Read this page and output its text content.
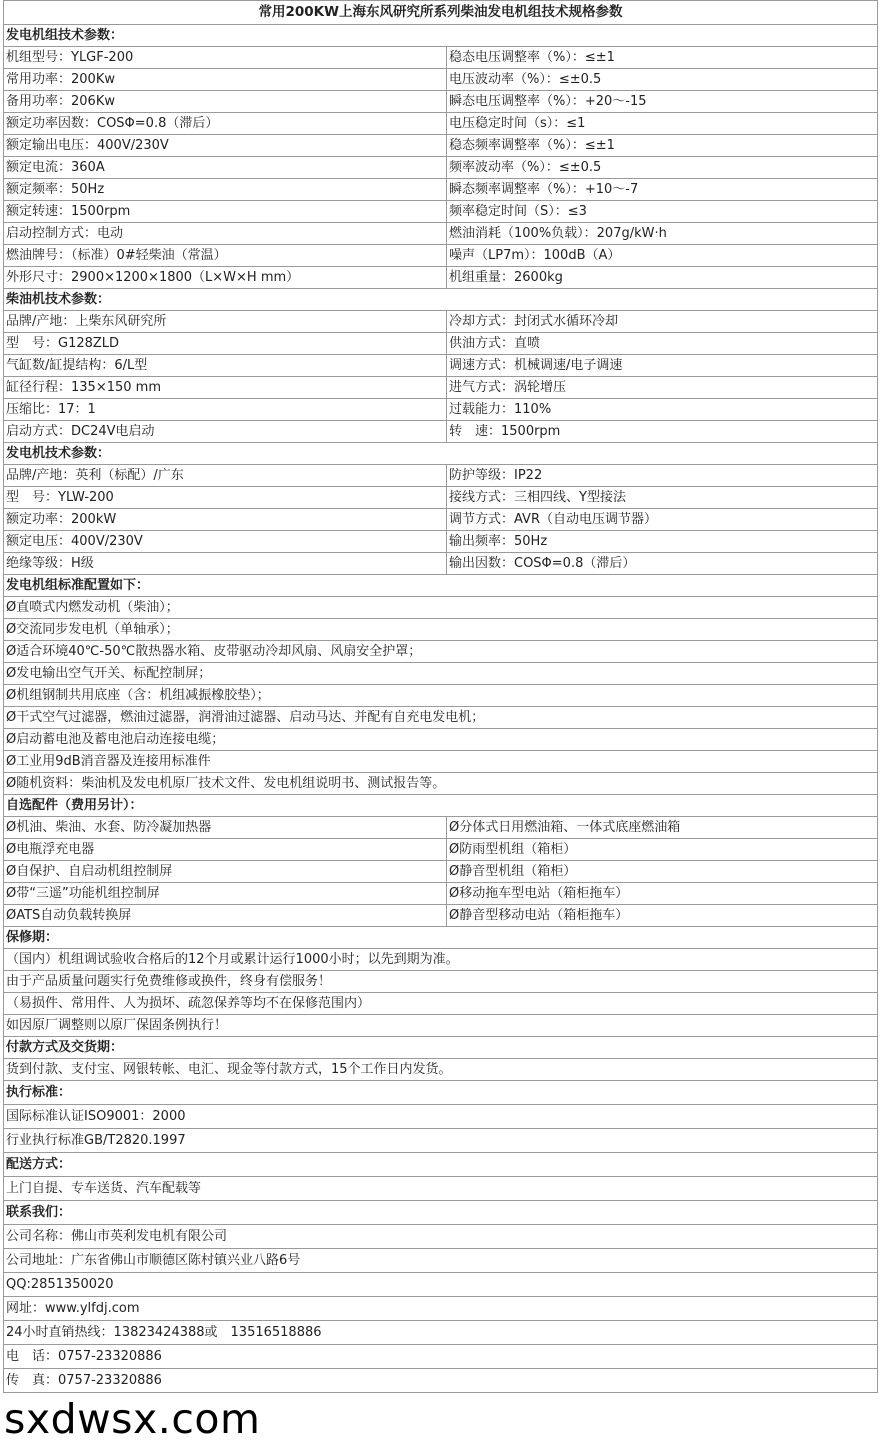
常用200KW上海东风研究所系列柴油发电机组技术规格参数	
发电机组技术参数：	
机组型号：YLGF-200	稳态电压调整率（%）：≤±1
常用功率：200Kw	电压波动率（%）：≤±0.5
备用功率：206Kw	瞬态电压调整率（%）：+20～-15
额定功率因数：COSΦ=0.8（滞后）	电压稳定时间（s）：≤1
额定输出电压：400V/230V	稳态频率调整率（%）：≤±1
额定电流：360A	频率波动率（%）：≤±0.5
额定频率：50Hz	瞬态频率调整率（%）：+10～-7
额定转速：1500rpm	频率稳定时间（S）：≤3
启动控制方式：电动	燃油消耗（100%负载）：207g/kW·h
燃油牌号：（标准）0#轻柴油（常温）	噪声（LP7m）：100dB（A）
外形尺寸：2900×1200×1800（L×W×H mm）	机组重量：2600kg
柴油机技术参数：	
品牌/产地：上柴东风研究所	冷却方式：封闭式水循环冷却
型　号：G128ZLD	供油方式：直喷
气缸数/缸提结构：6/L型	调速方式：机械调速/电子调速
缸径行程：135×150 mm	进气方式：涡轮增压
压缩比：17：1	过载能力：110%
启动方式：DC24V电启动	转　速：1500rpm
发电机技术参数：	
品牌/产地：英利（标配）/广东	防护等级：IP22
型　号：YLW-200	接线方式：三相四线、Y型接法
额定功率：200kW	调节方式：AVR（自动电压调节器）
额定电压：400V/230V	输出频率：50Hz
绝缘等级：H级	输出因数：COSΦ=0.8（滞后）
发电机组标准配置如下：	
Ø直喷式内燃发动机（柴油）；	
Ø交流同步发电机（单轴承）；	
Ø适合环境40℃-50℃散热器水箱、皮带驱动冷却风扇、风扇安全护罩；	
Ø发电输出空气开关、标配控制屏；	
Ø机组钢制共用底座（含：机组减振橡胶垫）；	
Ø干式空气过滤器，燃油过滤器，润滑油过滤器、启动马达、并配有自充电发电机；	
Ø启动蓄电池及蓄电池启动连接电缆；	
Ø工业用9dB消音器及连接用标准件	
Ø随机资料：柴油机及发电机原厂技术文件、发电机组说明书、测试报告等。	
自选配件（费用另计）：	
Ø机油、柴油、水套、防冷凝加热器	Ø分体式日用燃油箱、一体式底座燃油箱
Ø电瓶浮充电器	Ø防雨型机组（箱柜）
Ø自保护、自启动机组控制屏	Ø静音型机组（箱柜）
Ø带“三遥”功能机组控制屏	Ø移动拖车型电站（箱柜拖车）
ØATS自动负载转换屏	Ø静音型移动电站（箱柜拖车）
保修期：	
（国内）机组调试验收合格后的12个月或累计运行1000小时；以先到期为准。	
由于产品质量问题实行免费维修或换件，终身有偿服务！	
（易损件、常用件、人为损坏、疏忽保养等均不在保修范围内）	
如因原厂调整则以原厂保固条例执行！	
付款方式及交货期：	
货到付款、支付宝、网银转帐、电汇、现金等付款方式，15个工作日内发货。	
执行标准：	
国际标准认证ISO9001：2000	
行业执行标准GB/T2820.1997	
配送方式：	
上门自提、专车送货、汽车配载等	
联系我们：	
公司名称：佛山市英利发电机有限公司	
公司地址：广东省佛山市顺德区陈村镇兴业八路6号	
QQ:2851350020	
网址：www.ylfdj.com	
24小时直销热线：13823424388或　13516518886	
电　话：0757-23320886	
传　真：0757-23320886	
sxdwsx.com
